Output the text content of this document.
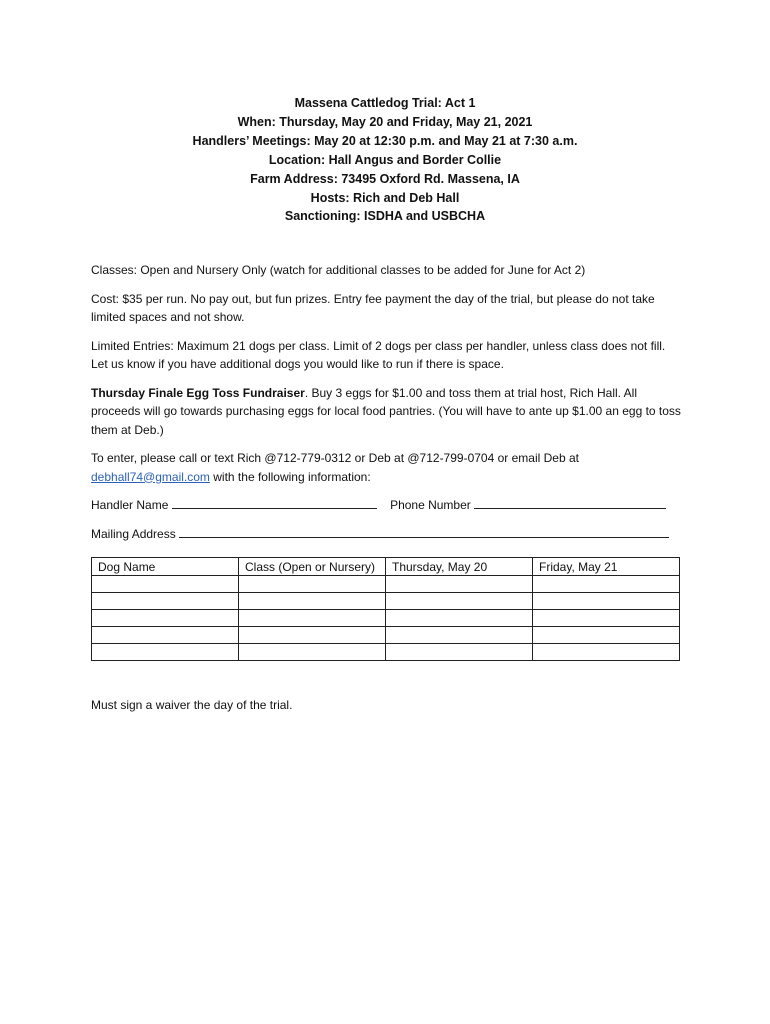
Massena Cattledog Trial: Act 1
When: Thursday, May 20 and Friday, May 21, 2021
Handlers’ Meetings: May 20 at 12:30 p.m. and May 21 at 7:30 a.m.
Location: Hall Angus and Border Collie
Farm Address: 73495 Oxford Rd. Massena, IA
Hosts: Rich and Deb Hall
Sanctioning: ISDHA and USBCHA

Classes: Open and Nursery Only (watch for additional classes to be added for June for Act 2)

Cost: $35 per run. No pay out, but fun prizes. Entry fee payment the day of the trial, but please do not take limited spaces and not show.

Limited Entries: Maximum 21 dogs per class. Limit of 2 dogs per class per handler, unless class does not fill. Let us know if you have additional dogs you would like to run if there is space.

Thursday Finale Egg Toss Fundraiser. Buy 3 eggs for $1.00 and toss them at trial host, Rich Hall. All proceeds will go towards purchasing eggs for local food pantries. (You will have to ante up $1.00 an egg to toss them at Deb.)

To enter, please call or text Rich @712-779-0312 or Deb at @712-799-0704 or email Deb at
debhall74@gmail.com with the following information:

Handler Name	Phone Number
Mailing Address
Dog Name	Class (Open or Nursery)	Thursday, May 20	Friday, May 21

Must sign a waiver the day of the trial.
